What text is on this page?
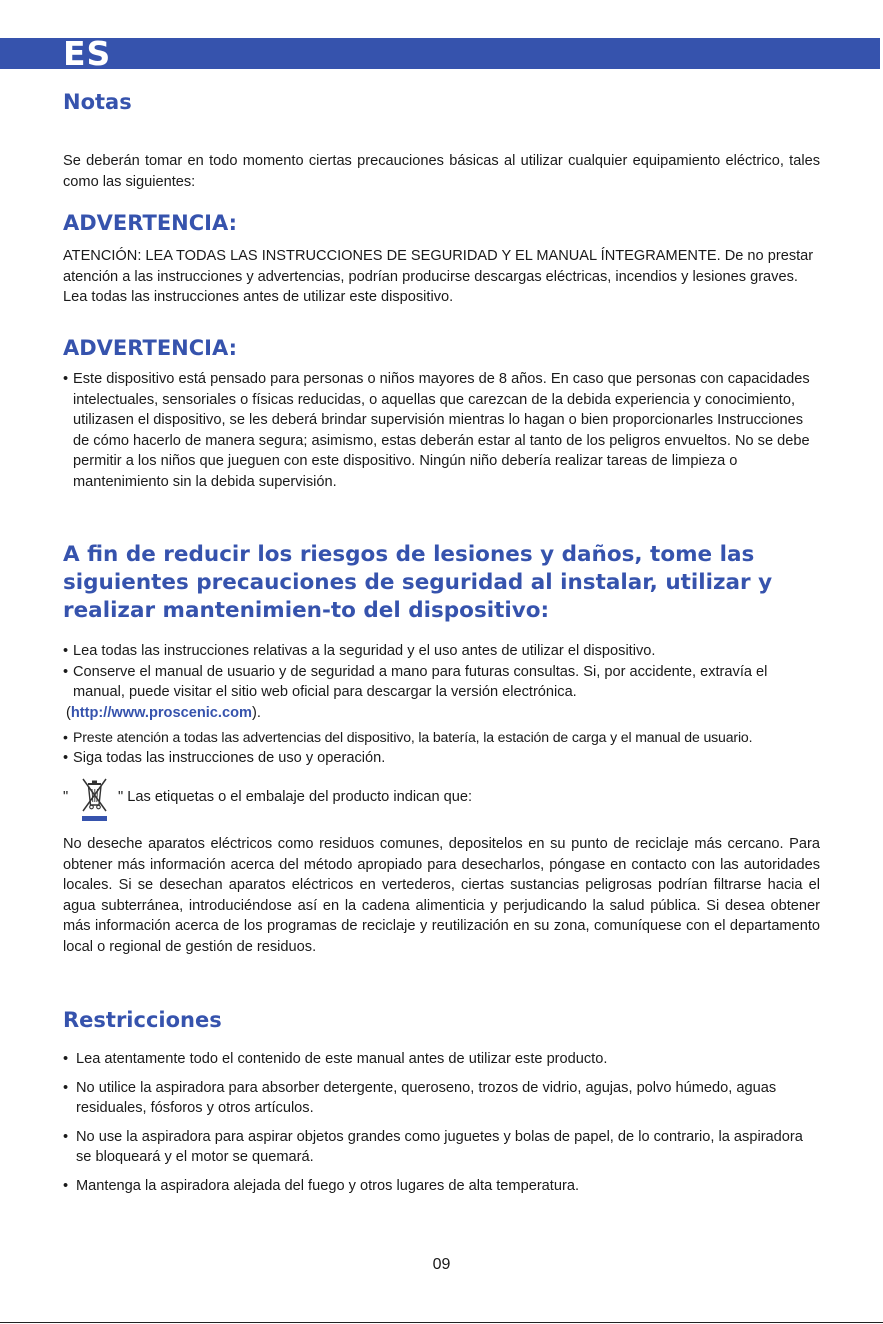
ES
Notas

Se deberán tomar en todo momento ciertas precauciones básicas al utilizar cualquier equipamiento eléctrico, tales como las siguientes:

ADVERTENCIA:

ATENCIÓN: LEA TODAS LAS INSTRUCCIONES DE SEGURIDAD Y EL MANUAL ÍNTEGRAMENTE. De no prestar atención a las instrucciones y advertencias, podrían producirse descargas eléctricas, incendios y lesiones graves. Lea todas las instrucciones antes de utilizar este dispositivo.

ADVERTENCIA:
• Este dispositivo está pensado para personas o niños mayores de 8 años. En caso que personas con capacidades intelectuales, sensoriales o físicas reducidas, o aquellas que carezcan de la debida experiencia y conocimiento, utilizasen el dispositivo, se les deberá brindar supervisión mientras lo hagan o bien proporcionarles Instrucciones de cómo hacerlo de manera segura; asimismo, estas deberán estar al tanto de los peligros envueltos. No se debe permitir a los niños que jueguen con este dispositivo. Ningún niño debería realizar tareas de limpieza o mantenimiento sin la debida supervisión.
A fin de reducir los riesgos de lesiones y daños, tome las siguientes precauciones de seguridad al instalar, utilizar y realizar mantenimien-to del dispositivo:
• Lea todas las instrucciones relativas a la seguridad y el uso antes de utilizar el dispositivo.
• Conserve el manual de usuario y de seguridad a mano para futuras consultas. Si, por accidente, extravía el manual, puede visitar el sitio web oficial para descargar la versión electrónica.
(http://www.proscenic.com).
• Preste atención a todas las advertencias del dispositivo, la batería, la estación de carga y el manual de usuario.
• Siga todas las instrucciones de uso y operación.
"	" Las etiquetas o el embalaje del producto indican que:

No deseche aparatos eléctricos como residuos comunes, depositelos en su punto de reciclaje más cercano. Para obtener más información acerca del método apropiado para desecharlos, póngase en contacto con las autoridades locales. Si se desechan aparatos eléctricos en vertederos, ciertas sustancias peligrosas podrían filtrarse hacia el agua subterránea, introduciéndose así en la cadena alimenticia y perjudicando la salud pública. Si desea obtener más información acerca de los programas de reciclaje y reutilización en su zona, comuníquese con el departamento local o regional de gestión de residuos.

Restricciones
• Lea atentamente todo el contenido de este manual antes de utilizar este producto.
• No utilice la aspiradora para absorber detergente, queroseno, trozos de vidrio, agujas, polvo húmedo, aguas residuales, fósforos y otros artículos.
• No use la aspiradora para aspirar objetos grandes como juguetes y bolas de papel, de lo contrario, la aspiradora se bloqueará y el motor se quemará.
• Mantenga la aspiradora alejada del fuego y otros lugares de alta temperatura.
09
